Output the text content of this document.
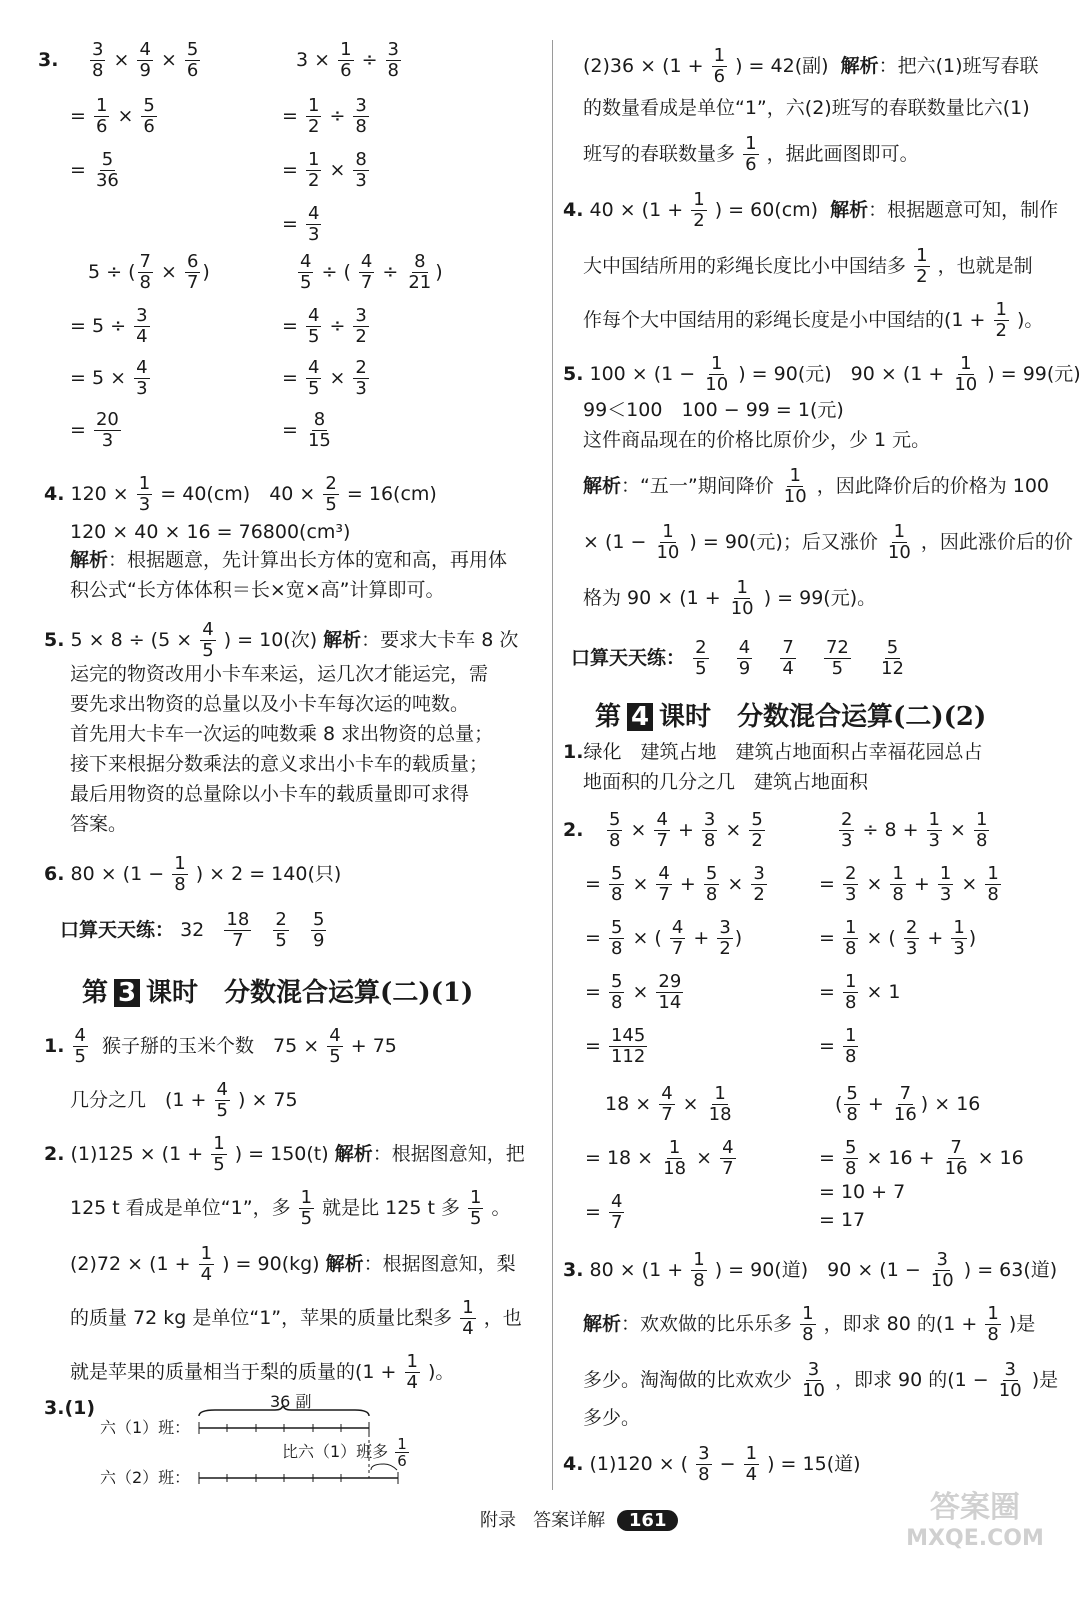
3. $\frac{3}{8} \times \frac{4}{9} \times \frac{5}{6}$
= $\frac{1}{6} \times \frac{5}{6}$
= $\frac{5}{36}$
$3 \times \frac{1}{6} \div \frac{3}{8}$
= $\frac{1}{2} \div \frac{3}{8}$
= $\frac{1}{2} \times \frac{8}{3}$
= $\frac{4}{3}$
5 ÷ ( $\frac{7}{8} \times \frac{6}{7}$ )
= $5 \div \frac{3}{4}$
= $5 \times \frac{4}{3}$
= $\frac{20}{3}$
$\frac{4}{5}$ ÷ ( $\frac{4}{7} \div \frac{8}{21}$ )
= $\frac{4}{5} \div \frac{3}{2}$
= $\frac{4}{5} \times \frac{2}{3}$
= $\frac{8}{15}$
4. $120 \times \frac{1}{3} = 40(cm)$　$40 \times \frac{2}{5} = 16(cm)$
120 × 40 × 16 = 76800(cm³)
解析：根据题意，先计算出长方体的宽和高，再用体
积公式“长方体体积＝长×宽×高”计算即可。
5. $5 \times 8 \div (5 \times \frac{4}{5}$ ) = 10(次) 解析：要求大卡车 8 次
运完的物资改用小卡车来运，运几次才能运完，需
要先求出物资的总量以及小卡车每次运的吨数。
首先用大卡车一次运的吨数乘 8 求出物资的总量；
接下来根据分数乘法的意义求出小卡车的载质量；
最后用物资的总量除以小卡车的载质量即可求得
答案。
6. $80 \times (1 - \frac{1}{8}$ ) × 2 = 140(只)
口算天天练： $32 \frac{18}{7}$
$\frac{2}{5}$
$\frac{5}{9}$
第 3 课时　分数混合运算(二)(1)
1. $\frac{4}{5}$ 猴子掰的玉米个数　$75 \times \frac{4}{5} + 75$
几分之几　($1 + \frac{4}{5}$ ) × 75
2. $(1)125 \times (1 + \frac{1}{5}$ ) = 150(t) 解析：根据图意知，把
125 t 看成是单位“1”，多 $\frac{1}{5}$ 就是比 125 t 多 $\frac{1}{5}$ 。
$(2)72 \times (1 + \frac{1}{4}$ ) = 90(kg) 解析：根据图意知，梨
的质量 72 kg 是单位“1”，苹果的质量比梨多 $\frac{1}{4}$ ，也
就是苹果的质量相当于梨的质量的($1 + \frac{1}{4}$ )。
3.(1)	36 副
六（1）班：
六（2）班：
比六（1）班多 $\frac{1}{6}$
$(2)36 \times (1 + \frac{1}{6}$ ) = 42(副) 解析：把六(1)班写春联
的数量看成是单位“1”，六(2)班写的春联数量比六(1)
班写的春联数量多 $\frac{1}{6}$ ，据此画图即可。
4. $40 \times (1 + \frac{1}{2}$ ) = 60(cm) 解析：根据题意可知，制作
大中国结所用的彩绳长度比小中国结多 $\frac{1}{2}$ ，也就是制
作每个大中国结用的彩绳长度是小中国结的($1 + \frac{1}{2}$ )。
5. $100 \times (1 - \frac{1}{10}$ ) = 90(元)　$90 \times (1 + \frac{1}{10}$ ) = 99(元)
99＜100　100 − 99 = 1(元)
这件商品现在的价格比原价少，少 1 元。
解析：“五一”期间降价 $\frac{1}{10}$ ，因此降价后的价格为 100
× ($1 - \frac{1}{10}$ ) = 90(元)；后又涨价 $\frac{1}{10}$ ，因此涨价后的价
格为 $90 \times (1 + \frac{1}{10}$ ) = 99(元)。
口算天天练： $\frac{2}{5}$
$\frac{4}{9}$
$\frac{7}{4}$
$\frac{72}{5}$
$\frac{5}{12}$
第 4 课时　分数混合运算(二)(2)
1.绿化　建筑占地　建筑占地面积占幸福花园总占
地面积的几分之几　建筑占地面积
2. $\frac{5}{8} \times \frac{4}{7} + \frac{3}{8} \times \frac{5}{2}$
= $\frac{5}{8} \times \frac{4}{7} + \frac{5}{8} \times \frac{3}{2}$
= $\frac{5}{8}$ × ( $\frac{4}{7} + \frac{3}{2}$ )
= $\frac{5}{8} \times \frac{29}{14}$
= $\frac{145}{112}$
$\frac{2}{3} \div 8 + \frac{1}{3} \times \frac{1}{8}$
= $\frac{2}{3} \times \frac{1}{8} + \frac{1}{3} \times \frac{1}{8}$
= $\frac{1}{8}$ × ( $\frac{2}{3} + \frac{1}{3}$ )
= $\frac{1}{8} \times 1$
= $\frac{1}{8}$
$18 \times \frac{4}{7} \times \frac{1}{18}$
= $18 \times \frac{1}{18} \times \frac{4}{7}$
= $\frac{4}{7}$
( $\frac{5}{8} + \frac{7}{16}$ ) × 16
= $\frac{5}{8} \times 16 + \frac{7}{16} \times 16$
= 10 + 7
= 17
3. $80 \times (1 + \frac{1}{8}$ ) = 90(道)　$90 \times (1 - \frac{3}{10}$ ) = 63(道)
解析：欢欢做的比乐乐多 $\frac{1}{8}$ ，即求 80 的($1 + \frac{1}{8}$ )是
多少。淘淘做的比欢欢少 $\frac{3}{10}$ ，即求 90 的($1 - \frac{3}{10}$ )是
多少。
4. (1)120 × ( $\frac{3}{8} - \frac{1}{4}$ ) = 15(道)
附录 答案详解 161	答案圈
MXQE.COM
